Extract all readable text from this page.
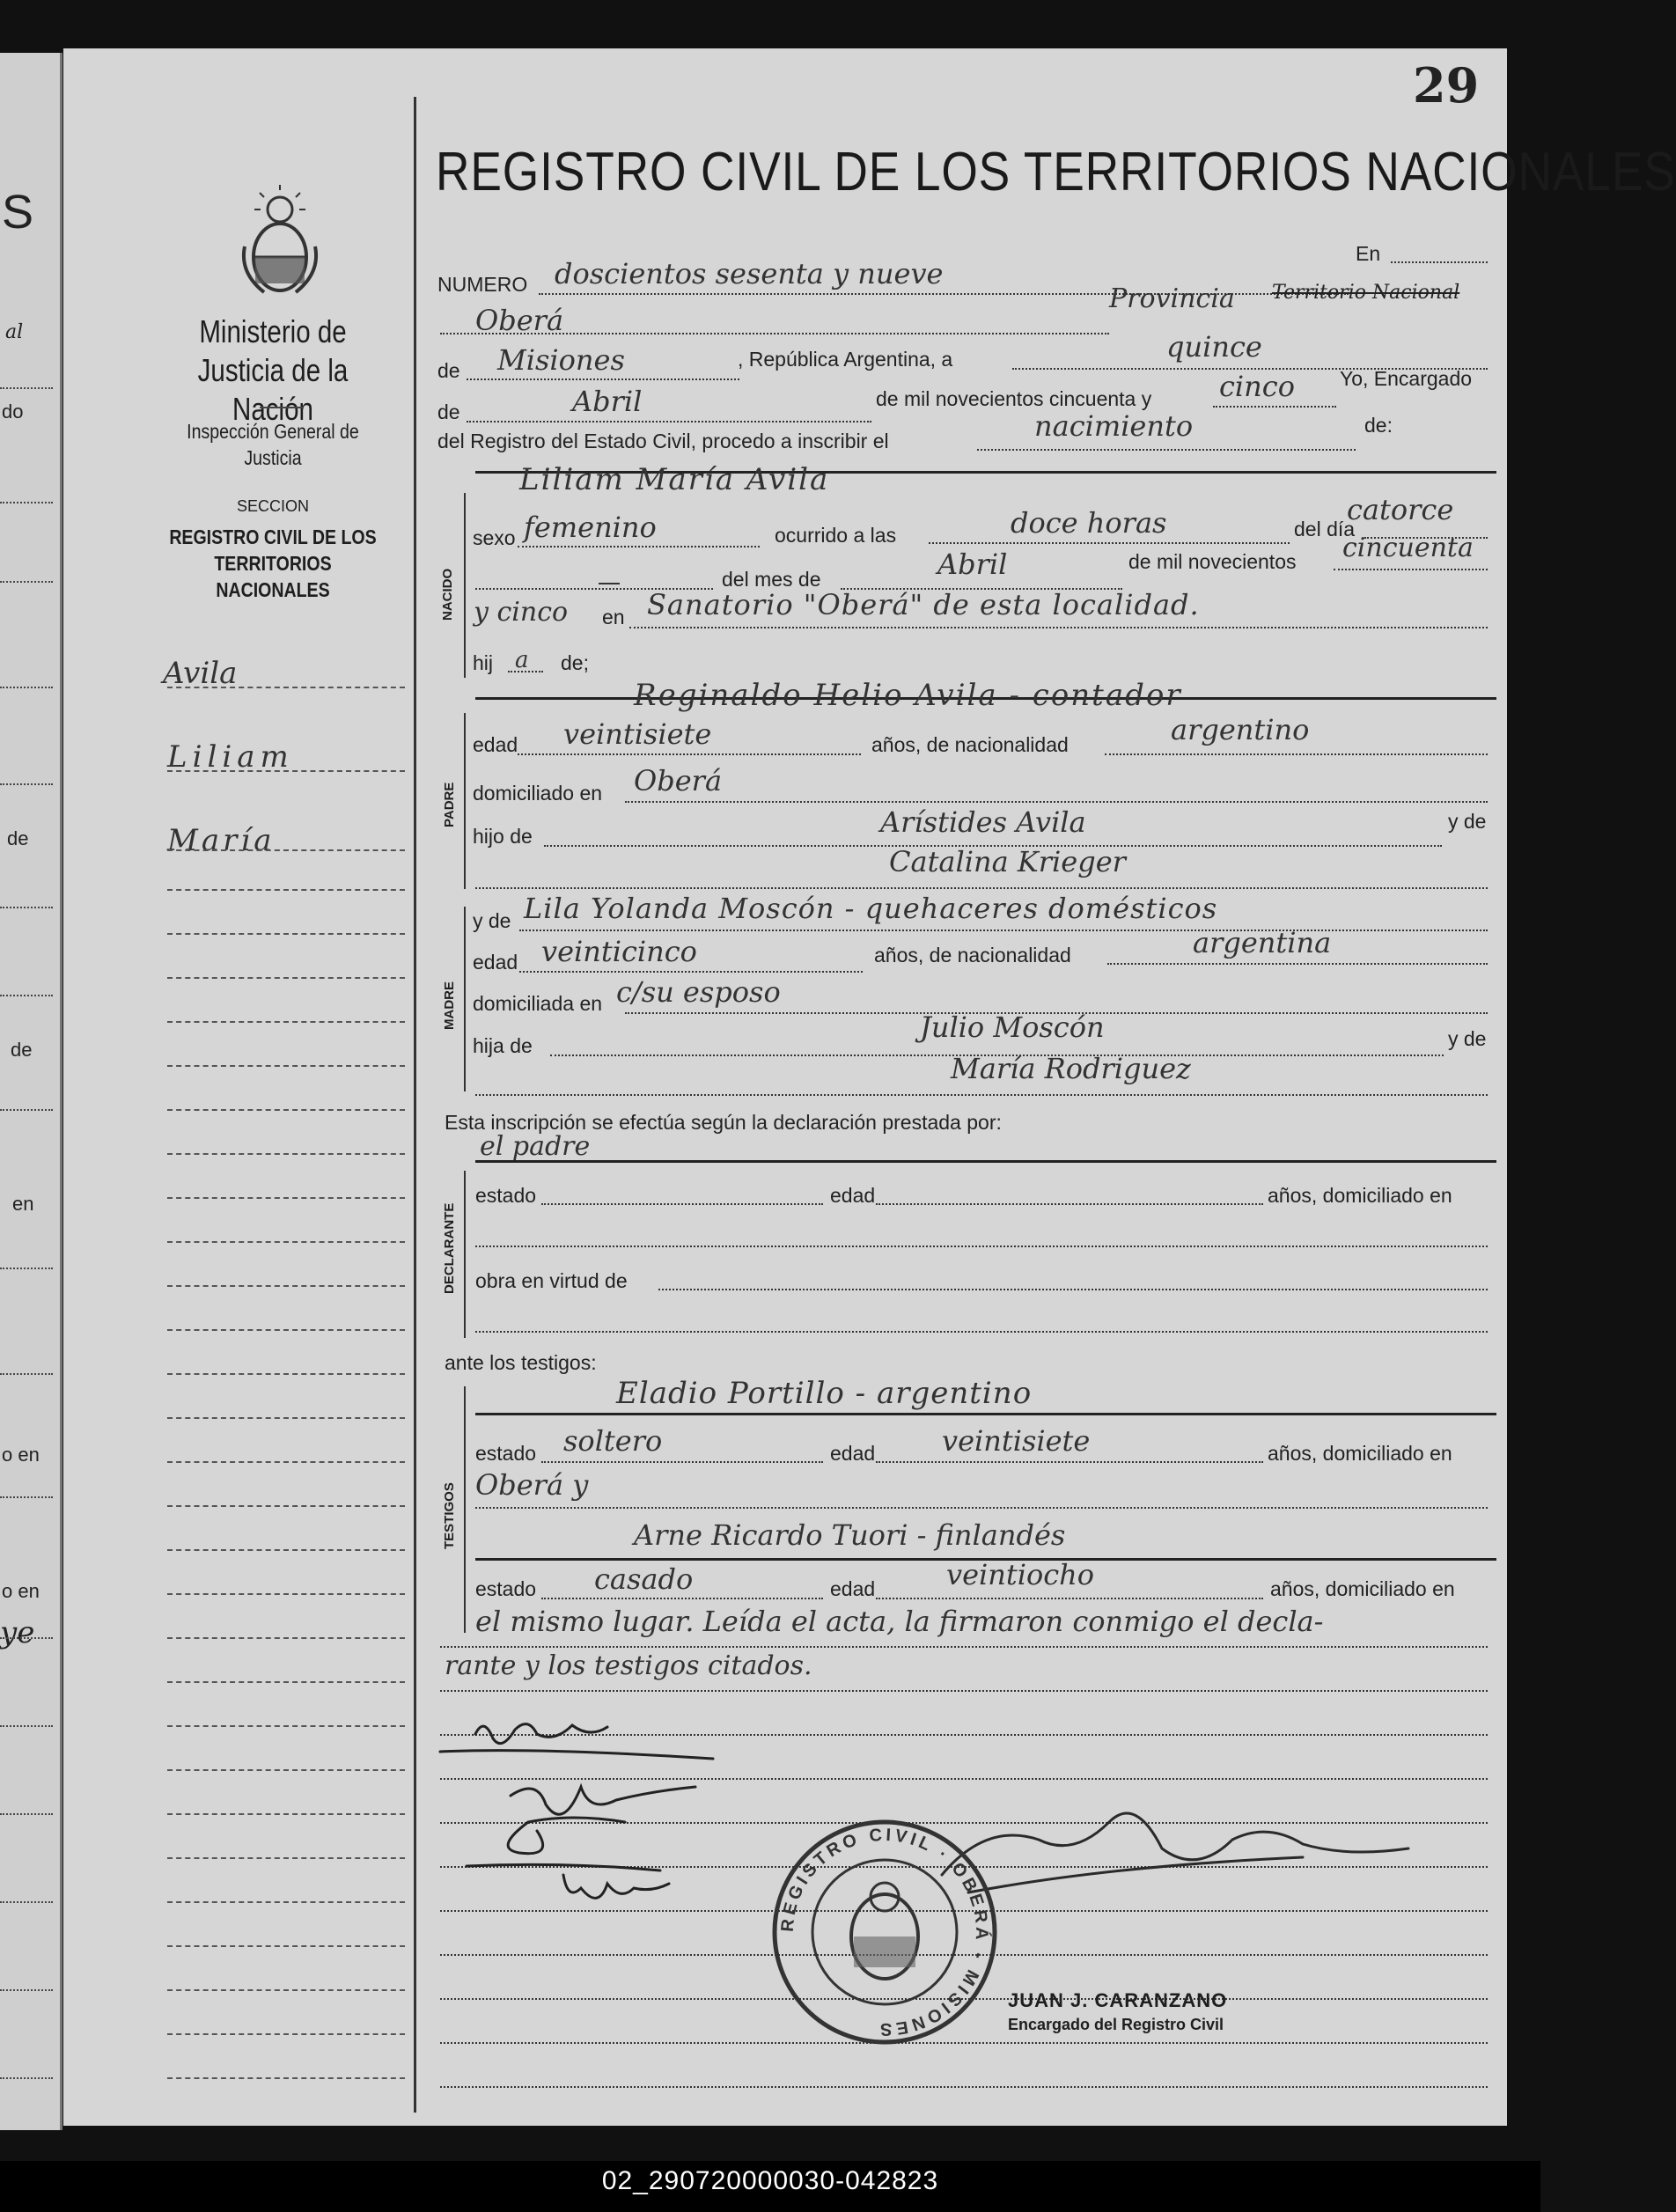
S
al
do
de
de
en
o en
o en
ye
Ministerio de Justicia de la Nación
Inspección General de Justicia
SECCION
REGISTRO CIVIL DE LOS TERRITORIOS NACIONALES
Avila
Liliam
María
29
REGISTRO CIVIL DE LOS TERRITORIOS NACIONALES
NUMERO doscientos sesenta y nueve
En
Oberá
Provincia Territorio Nacional
de Misiones	, República Argentina, a	quince
de	Abril	de mil novecientos cincuenta y cinco Yo, Encargado
del Registro del Estado Civil, procedo a inscribir el	nacimiento	de:
NACIDO
Liliam María Avila
sexo femenino	ocurrido a las	doce horas	del día
catorce
del mes de	Abril	de mil novecientos cincuenta
y cinco en Sanatorio "Oberá" de esta localidad.
hij a de;
PADRE
Reginaldo Helio Avila - contador
edad veintisiete	años, de nacionalidad	argentino
domiciliado en Oberá
hijo de	Arístides Avila	y de
Catalina Krieger
MADRE
y de Lila Yolanda Moscón - quehaceres domésticos
edad veinticinco	años, de nacionalidad	argentina
domiciliada en c/su esposo
hija de
Julio Moscón	y de
María Rodriguez
Esta inscripción se efectúa según la declaración prestada por:
el padre
DECLARANTE
estado	edad	años, domiciliado en
obra en virtud de
ante los testigos:
TESTIGOS
Eladio Portillo - argentino
estado soltero	edad veintisiete	años, domiciliado en
Oberá y
Arne Ricardo Tuori - finlandés
estado casado	edad	veintiocho	años, domiciliado en
el mismo lugar. Leída el acta, la firmaron conmigo el decla-
rante y los testigos citados.
REGISTRO CIVIL · OBERÁ - MISIONES
JUAN J. CARANZANO
Encargado del Registro Civil
02_290720000030-042823
